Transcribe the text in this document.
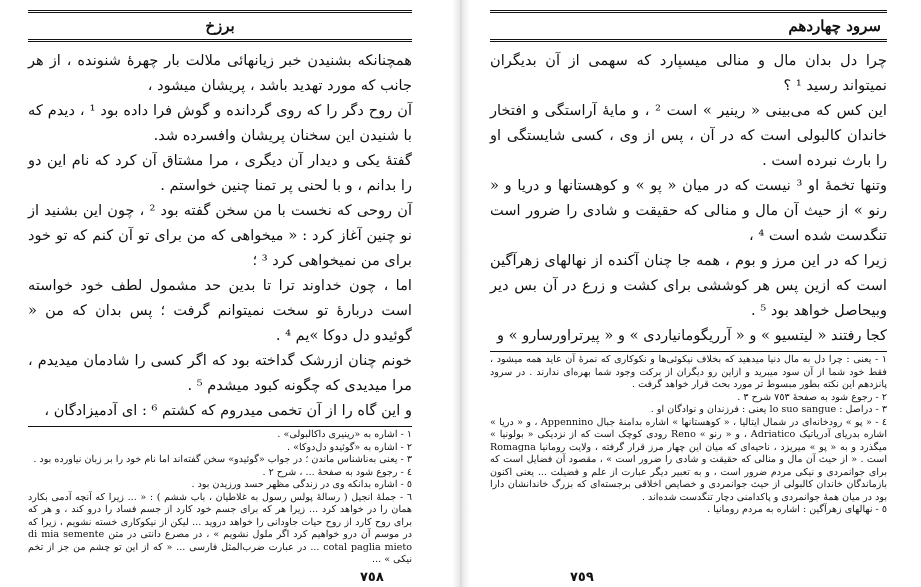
برزخ

همچنانکه بشنیدن خبر زیانهائی ملالت بار چهرهٔ شنونده ، از هر جانب که مورد تهدید باشد ، پریشان میشود ،

آن روح دگر را که روی گردانده و گوش فرا داده بود ¹ ، دیدم که با شنیدن این سخنان پریشان وافسرده شد.

گفتهٔ یکی و دیدار آن دیگری ، مرا مشتاق آن کرد که نام این دو را بدانم ، و با لحنی پر تمنا چنین خواستم .

آن روحی که نخست با من سخن گفته بود ² ، چون این بشنید از نو چنین آغاز کرد : « میخواهی که من برای تو آن کنم که تو خود برای من نمیخواهی کرد ³ ؛

اما ، چون خداوند ترا تا بدین حد مشمول لطف خود خواسته است دربارهٔ تو سخت نمیتوانم گرفت ؛ پس بدان که من « گوئیدو دل دوکا »یم ⁴ .

خونم چنان ازرشک گداخته بود که اگر کسی را شادمان میدیدم ، مرا میدیدی که چگونه کبود میشدم ⁵ .

و این گاه را از آن تخمی میدروم که کشتم ⁶ : ای آدمیزادگان ،

١ - اشاره به «رینیری داکالبولی» .

٢ - اشاره به «گوئیدو دل‌دوکا» .

٣ - یعنی به‌ناشناس ماندن ؛ در جواب «گوئیدو» سخن گفته‌اند اما نام خود را بر زبان نیاورده بود .

٤ - رجوع شود به صفحهٔ ... ، شرح ٢ .

٥ - اشاره بدانکه وی در زندگی مظهر حسد ورزیدن بود .

٦ - جملهٔ انجیل ( رسالهٔ پولس رسول به غلاطیان ، باب ششم ) : « ... زیرا که آنچه آدمی بکارد همان را در خواهد کرد ... زیرا هر که برای جسم خود کارد از جسم فساد را درو کند ، و هر که برای روح کارد از روح حیات جاودانی را خواهد دروید ... لیکن از نیکوکاری خسته نشویم ، زیرا که در موسم آن درو خواهیم کرد اگر ملول نشویم » ، در مصرع دانتی در متن di mia semente cotal paglia mieto ... در عبارت ضرب‌المثل فارسی ... « که از این تو چشم من جز از تخم نیکی » ...

٧٥٨
سرود چهاردهم

چرا دل بدان مال و منالی میسپارد که سهمی از آن بدیگران نمیتواند رسید ¹ ؟

این کس که می‌بینی « رینیر » است ² ، و مایهٔ آراستگی و افتخار خاندان کالبولی است که در آن ، پس از وی ، کسی شایستگی او را بارث نبرده است .

وتنها تخمهٔ او ³ نیست که در میان « پو » و کوهستانها و دریا و « رنو » از حیث آن مال و منالی که حقیقت و شادی را ضرور است تنگدست شده است ⁴ ،

زیرا که در این مرز و بوم ، همه جا چنان آکنده از نهالهای زهرآگین است که ازین پس هر کوششی برای کشت و زرع در آن بس دیر وبیحاصل خواهد بود ⁵ .

کجا رفتند « لیتسیو » و « آرریگومانیاردی » و « پیرترا‌ورسارو » و

١ - یعنی : چرا دل به مال دنیا میدهید که بخلاف نیکوئی‌ها و نکوکاری که نمرهٔ آن عاید همه میشود ، فقط خود شما از آن سود میبرید و ازاین رو دیگران از برکت وجود شما بهره‌ای ندارند . در سرود پانزدهم این نکته بطور مبسوط تر مورد بحث قرار خواهد گرفت .

٢ - رجوع شود به صفحهٔ ٧٥٣ شرح ٣ .

٣ - دراصل : lo suo sangue یعنی : فرزندان و نوادگان او .

٤ - « پو » رودخانه‌ای در شمال ایتالیا ، « کوهستانها » اشاره بدامنهٔ جبال Appennino ، و « دریا » اشاره بدریای آدریاتیک Adriatico ، و « رنو » Reno رودی کوچک است که از نزدیکی « بولونیا » میگذرد و به « پو » میریزد ، ناحیه‌ای که میان این چهار مرز قرار گرفته ، ولایت رومانیا Romagna است . « از حیث آن مال و منالی که حقیقت و شادی را ضرور است » ، مقصود آن فضایل است که برای جوانمردی و نیکی مردم ضرور است ، و به تعبیر دیگر عبارت از علم و فضیلت ... یعنی اکنون بازماندگان خاندان کالبولی از حیث جوانمردی و خصایص اخلاقی برجسته‌ای که بزرگ خاندانشان دارا بود در میان همهٔ جوانمردی و پاکدامنی دچار تنگدست شده‌اند .

٥ - نهالهای زهرآگین : اشاره به مردم رومانیا .

٧٥٩
